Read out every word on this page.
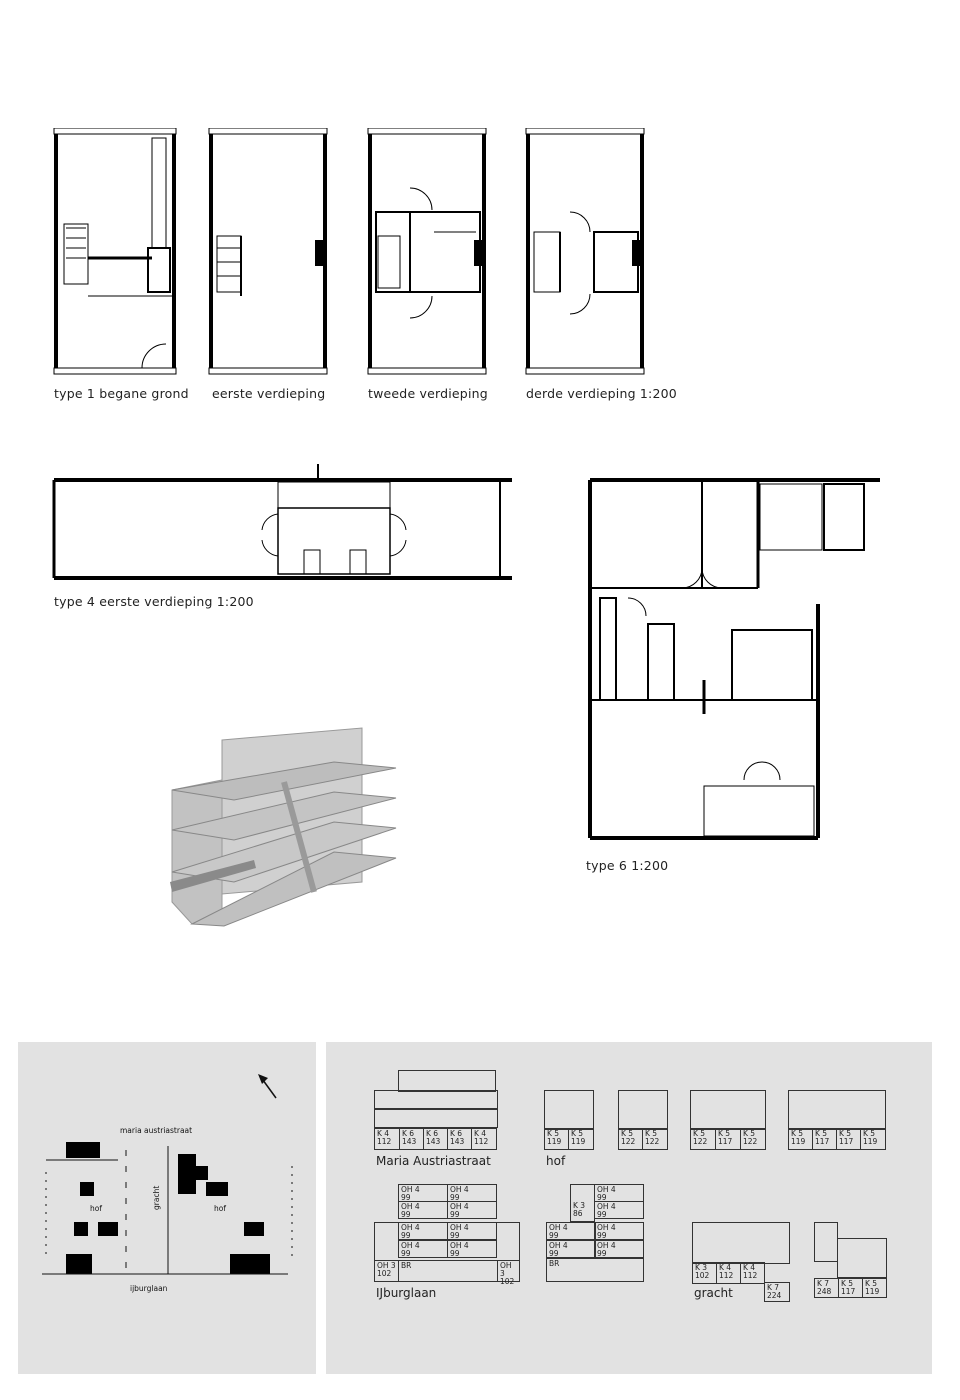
type 1 begane grond eerste verdieping	tweede verdieping	derde verdieping 1:200
type 4 eerste verdieping 1:200
type 6 1:200
maria austriastraat
ijburglaan
hof	hof
gracht
K 4
112
K 6
143
K 6
143
K 6
143
K 4
112
Maria Austriastraat
K 5
119
K 5
119
K 5
122
K 5
122
K 5
122
K 5
117
K 5
122
K 5
119
K 5
117
K 5
117
K 5
119
hof
OH 4
99
OH 4
99
OH 4
99
OH 4
99
OH 4
99
OH 4
99
OH 4
99
OH 4
99
OH 3
102
BR	OH 3
102
IJburglaan

K 3
86
OH 4
99
OH 4
99
OH 4
99
OH 4
99
OH 4
99
OH 4
99
BR	K 3
102
K 4
112
K 4
112
K 7
224
gracht
K 7
248
K 5
117
K 5
119
